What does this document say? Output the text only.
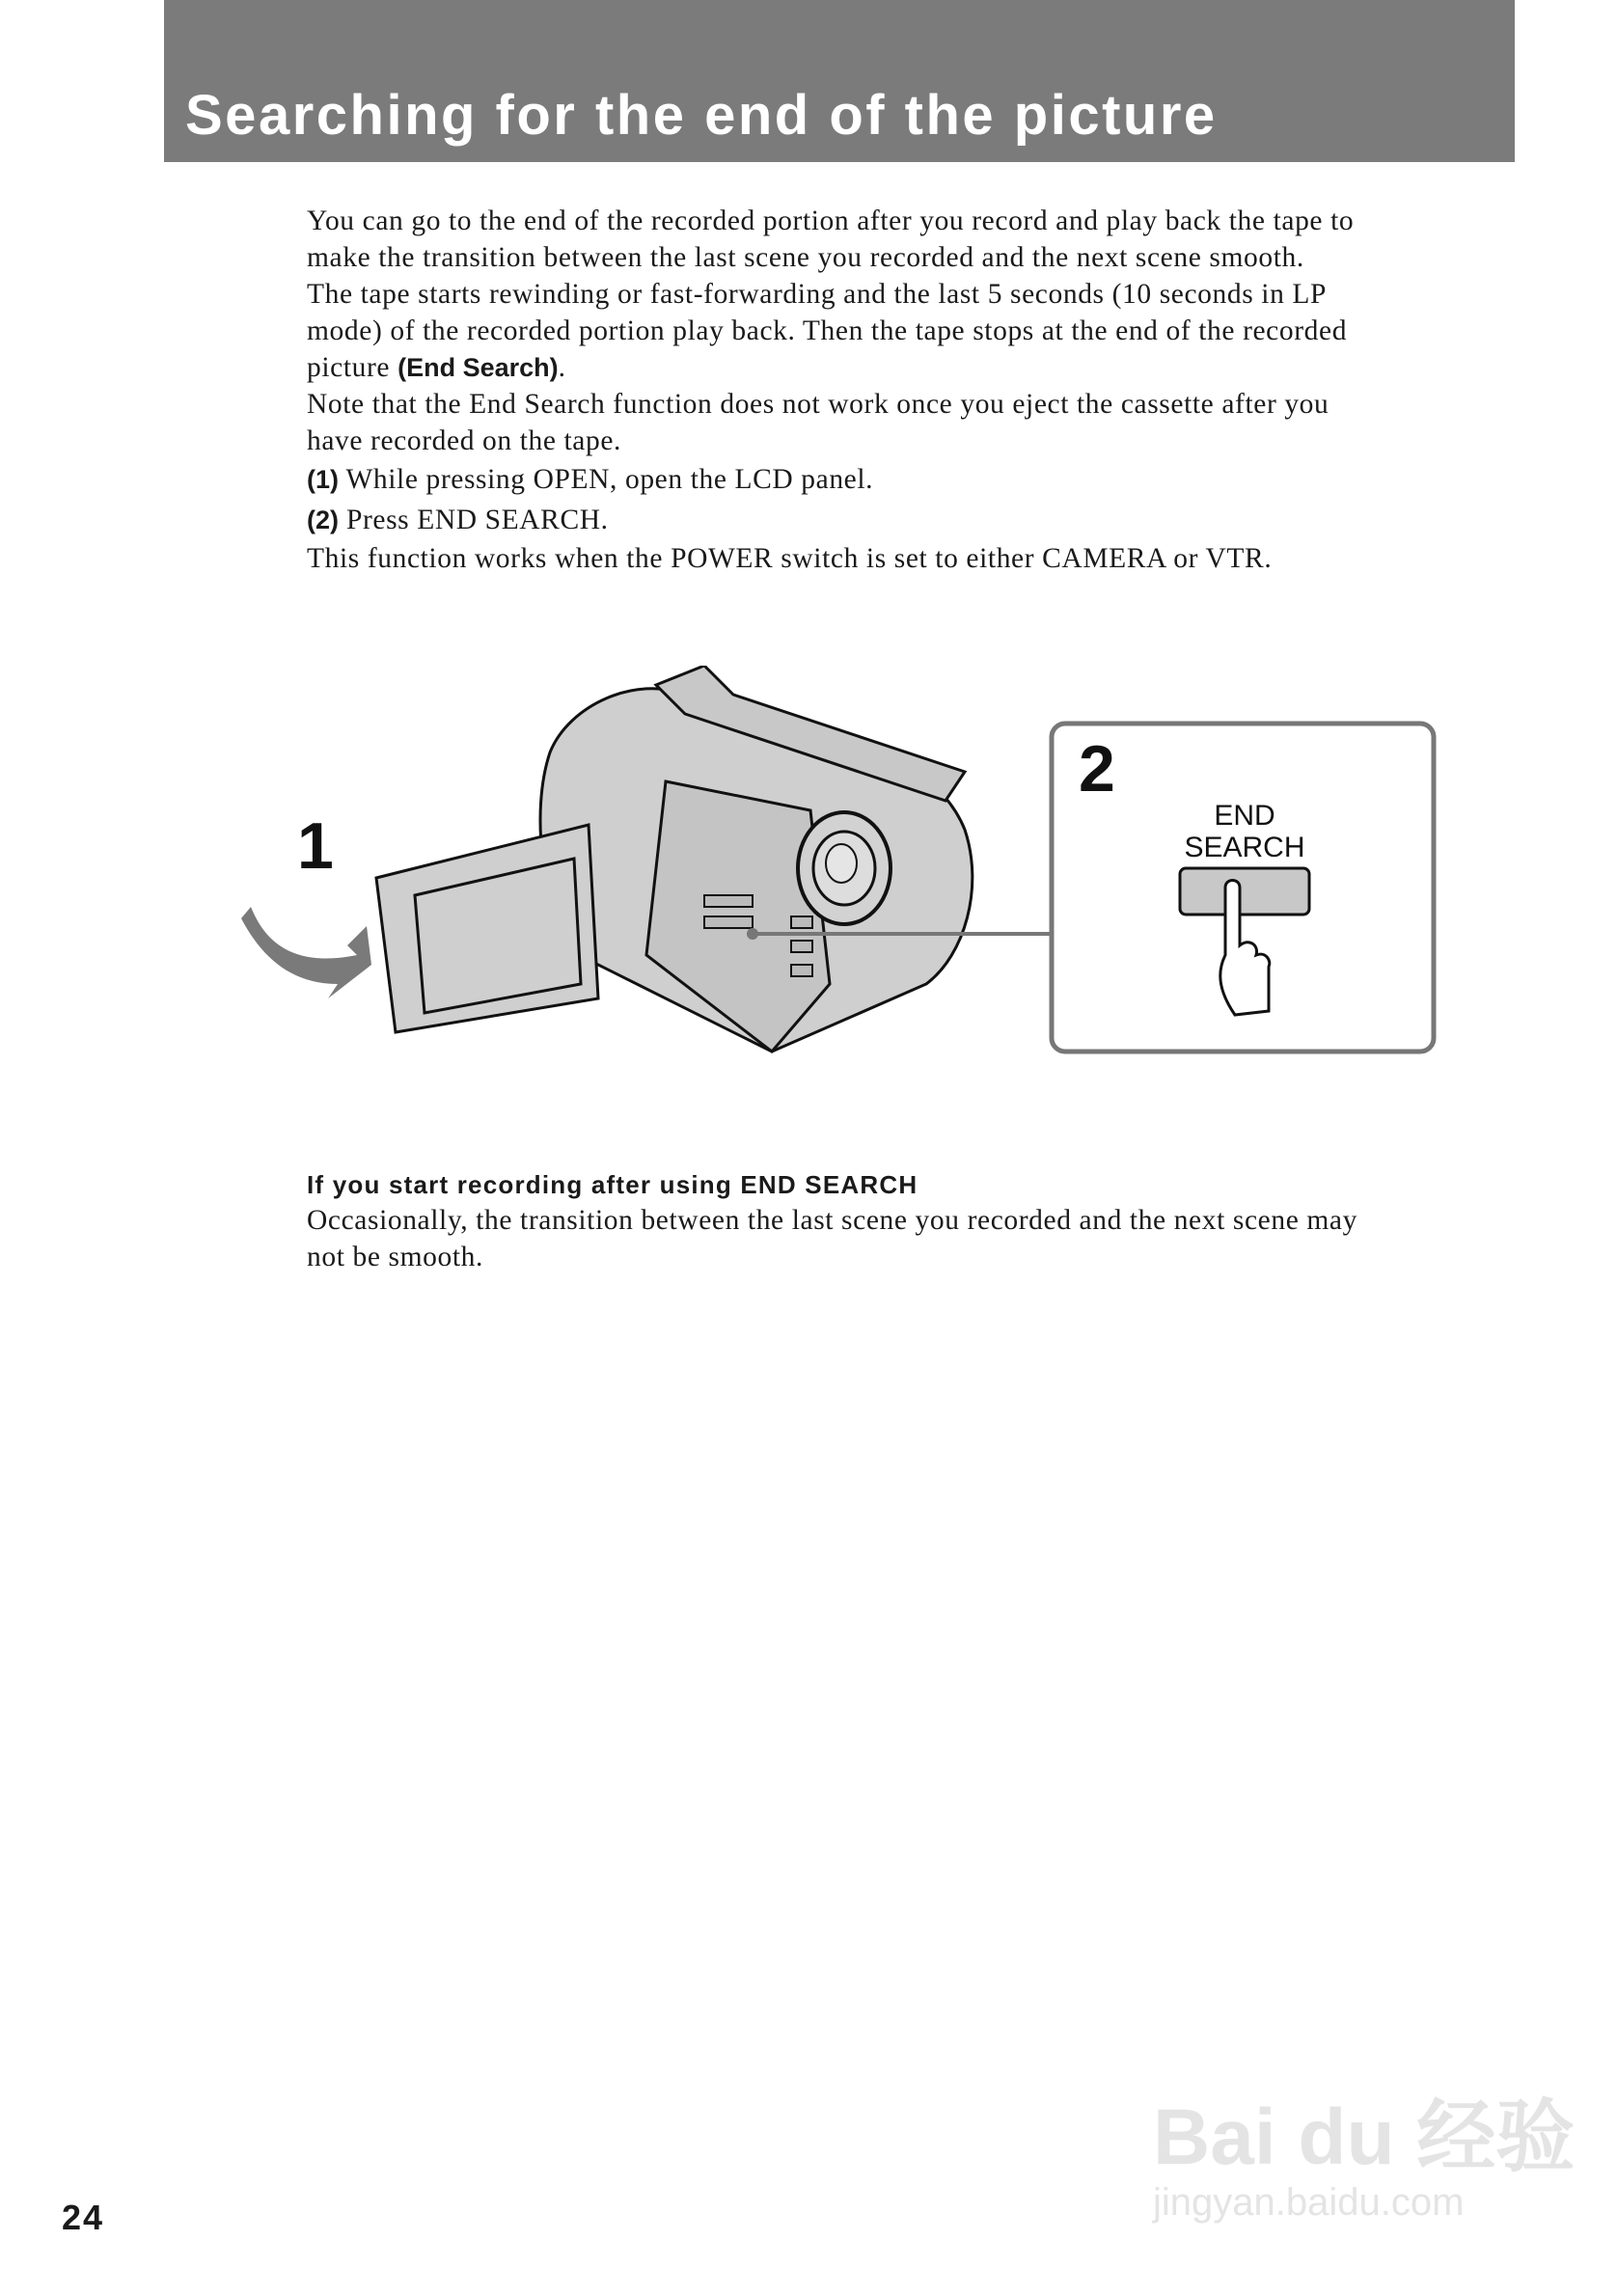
Searching for the end of the picture
You can go to the end of the recorded portion after you record and play back the tape to
make the transition between the last scene you recorded and the next scene smooth.
The tape starts rewinding or fast-forwarding and the last 5 seconds (10 seconds in LP
mode) of the recorded portion play back. Then the tape stops at the end of the recorded
picture (End Search).
Note that the End Search function does not work once you eject the cassette after you
have recorded on the tape.
(1) While pressing OPEN, open the LCD panel.
(2) Press END SEARCH.
This function works when the POWER switch is set to either CAMERA or VTR.
1
2
END
SEARCH
If you start recording after using END SEARCH
Occasionally, the transition between the last scene you recorded and the next scene may
not be smooth.
24
Bai du 经验
jingyan.baidu.com
